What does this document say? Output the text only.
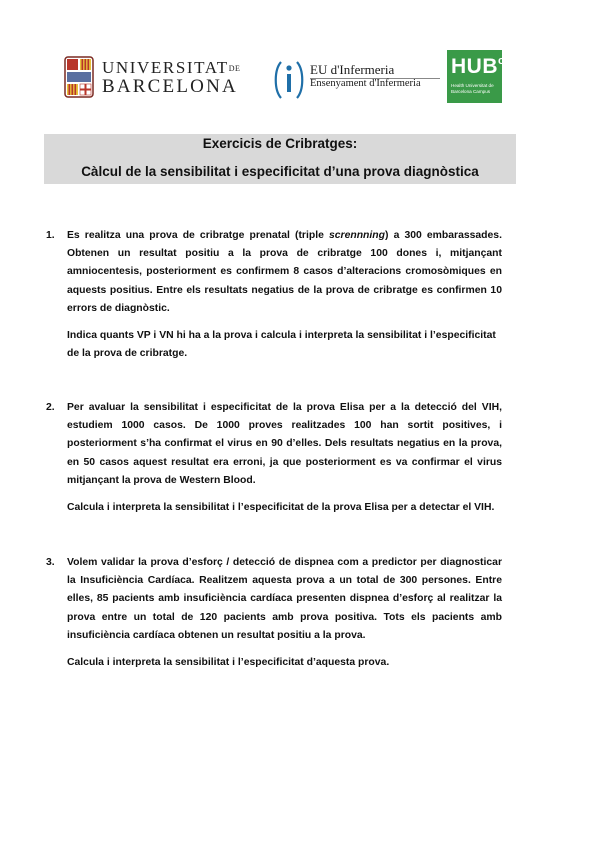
UNIVERSITATDE
BARCELONA
EU d'Infermeria
Ensenyament d'Infermeria
HUB$^c$
Health Universitat de Barcelona Campus
Exercicis de Cribratges:
Càlcul de la sensibilitat i especificitat d’una prova diagnòstica
1. Es realitza una prova de cribratge prenatal (triple scrennning) a 300 embarassades. Obtenen un resultat positiu a la prova de cribratge 100 dones i, mitjançant amniocentesis, posteriorment es confirmem 8 casos d’alteracions cromosòmiques en aquests positius. Entre els resultats negatius de la prova de cribratge es confirmen 10 errors de diagnòstic.

Indica quants VP i VN hi ha a la prova i calcula i interpreta la sensibilitat i l’especificitat de la prova de cribratge.

2. Per avaluar la sensibilitat i especificitat de la prova Elisa per a la detecció del VIH, estudiem 1000 casos. De 1000 proves realitzades 100 han sortit positives, i posteriorment s’ha confirmat el virus en 90 d’elles. Dels resultats negatius en la prova, en 50 casos aquest resultat era erroni, ja que posteriorment es va confirmar el virus mitjançant la prova de Western Blood.

Calcula i interpreta la sensibilitat i l’especificitat de la prova Elisa per a detectar el VIH.

3. Volem validar la prova d’esforç / detecció de dispnea com a predictor per diagnosticar la Insuficiència Cardíaca. Realitzem aquesta prova a un total de 300 persones. Entre elles, 85 pacients amb insuficiència cardíaca presenten dispnea d’esforç al realitzar la prova entre un total de 120 pacients amb prova positiva. Tots els pacients amb insuficiència cardíaca obtenen un resultat positiu a la prova.

Calcula i interpreta la sensibilitat i l’especificitat d’aquesta prova.
